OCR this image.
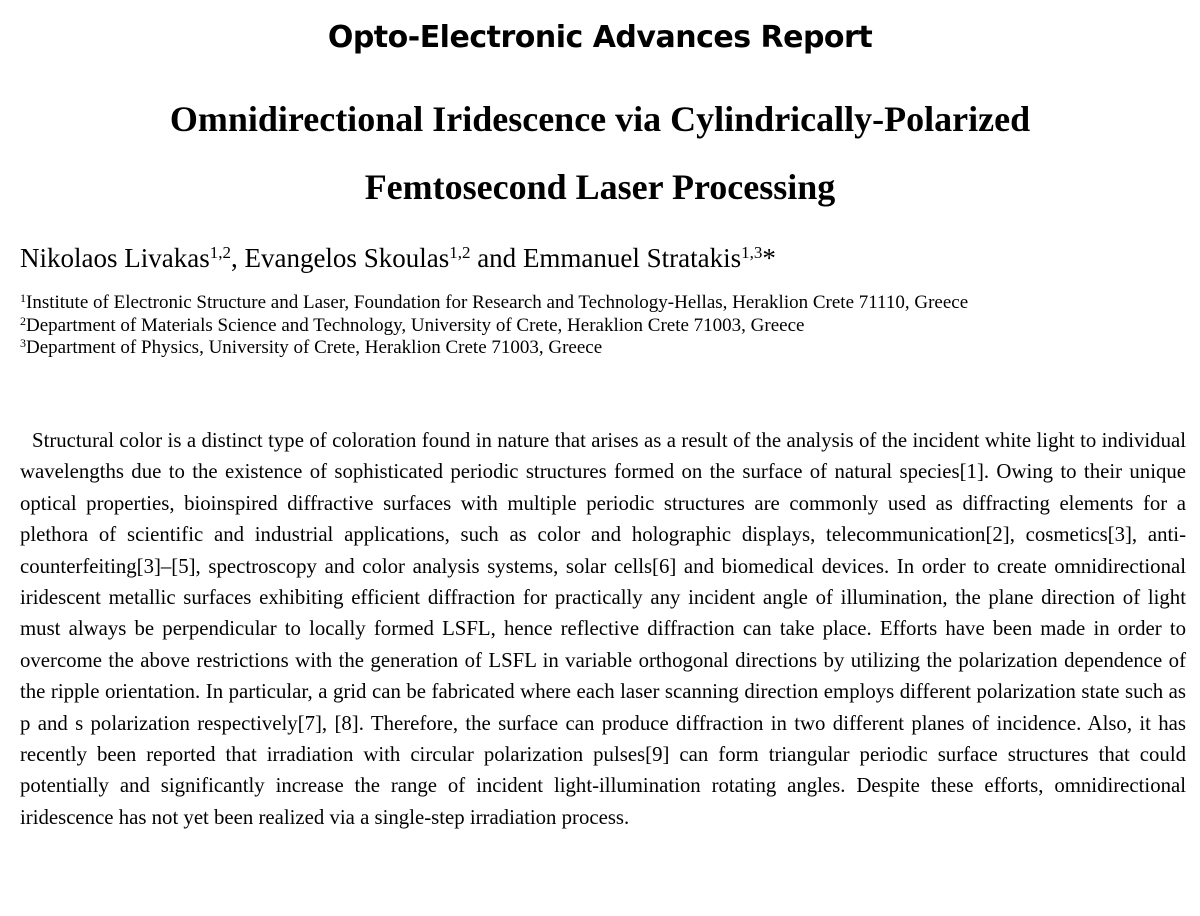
Opto-Electronic Advances Report
Omnidirectional Iridescence via Cylindrically-Polarized
Femtosecond Laser Processing
Nikolaos Livakas$^{1,2}$, Evangelos Skoulas$^{1,2}$ and Emmanuel Stratakis$^{1,3}$*
$^1$Institute of Electronic Structure and Laser, Foundation for Research and Technology-Hellas, Heraklion Crete 71110, Greece
$^2$Department of Materials Science and Technology, University of Crete, Heraklion Crete 71003, Greece
$^3$Department of Physics, University of Crete, Heraklion Crete 71003, Greece

Structural color is a distinct type of coloration found in nature that arises as a result of the analysis of the incident white light to individual wavelengths due to the existence of sophisticated periodic structures formed on the surface of natural species[1]. Owing to their unique optical properties, bioinspired diffractive surfaces with multiple periodic structures are commonly used as diffracting elements for a plethora of scientific and industrial applications, such as color and holographic displays, telecommunication[2], cosmetics[3], anti-counterfeiting[3]–[5], spectroscopy and color analysis systems, solar cells[6] and biomedical devices. In order to create omnidirectional iridescent metallic surfaces exhibiting efficient diffraction for practically any incident angle of illumination, the plane direction of light must always be perpendicular to locally formed LSFL, hence reflective diffraction can take place. Efforts have been made in order to overcome the above restrictions with the generation of LSFL in variable orthogonal directions by utilizing the polarization dependence of the ripple orientation. In particular, a grid can be fabricated where each laser scanning direction employs different polarization state such as p and s polarization respectively[7], [8]. Therefore, the surface can produce diffraction in two different planes of incidence. Also, it has recently been reported that irradiation with circular polarization pulses[9] can form triangular periodic surface structures that could potentially and significantly increase the range of incident light-illumination rotating angles. Despite these efforts, omnidirectional iridescence has not yet been realized via a single-step irradiation process.
